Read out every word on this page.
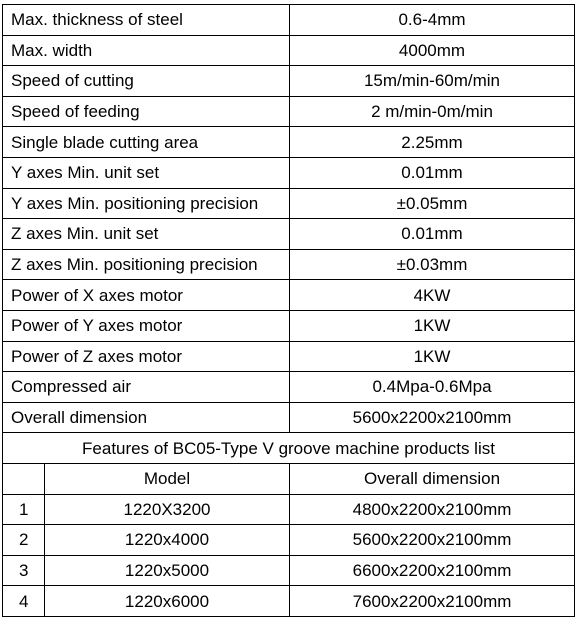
Max. thickness of steel		0.6-4mm
Max. width		4000mm
Speed of cutting		15m/min-60m/min
Speed of feeding		2 m/min-0m/min
Single blade cutting area		2.25mm
Y axes Min. unit set		0.01mm
Y axes Min. positioning precision		±0.05mm
Z axes Min. unit set		0.01mm
Z axes Min. positioning precision		±0.03mm
Power of X axes motor		4KW
Power of Y axes motor		1KW
Power of Z axes motor		1KW
Compressed air		0.4Mpa-0.6Mpa
Overall dimension		5600x2200x2100mm
Features of BC05-Type V groove machine products list		
	Model	Overall dimension
1	1220X3200	4800x2200x2100mm
2	1220x4000	5600x2200x2100mm
3	1220x5000	6600x2200x2100mm
4	1220x6000	7600x2200x2100mm
